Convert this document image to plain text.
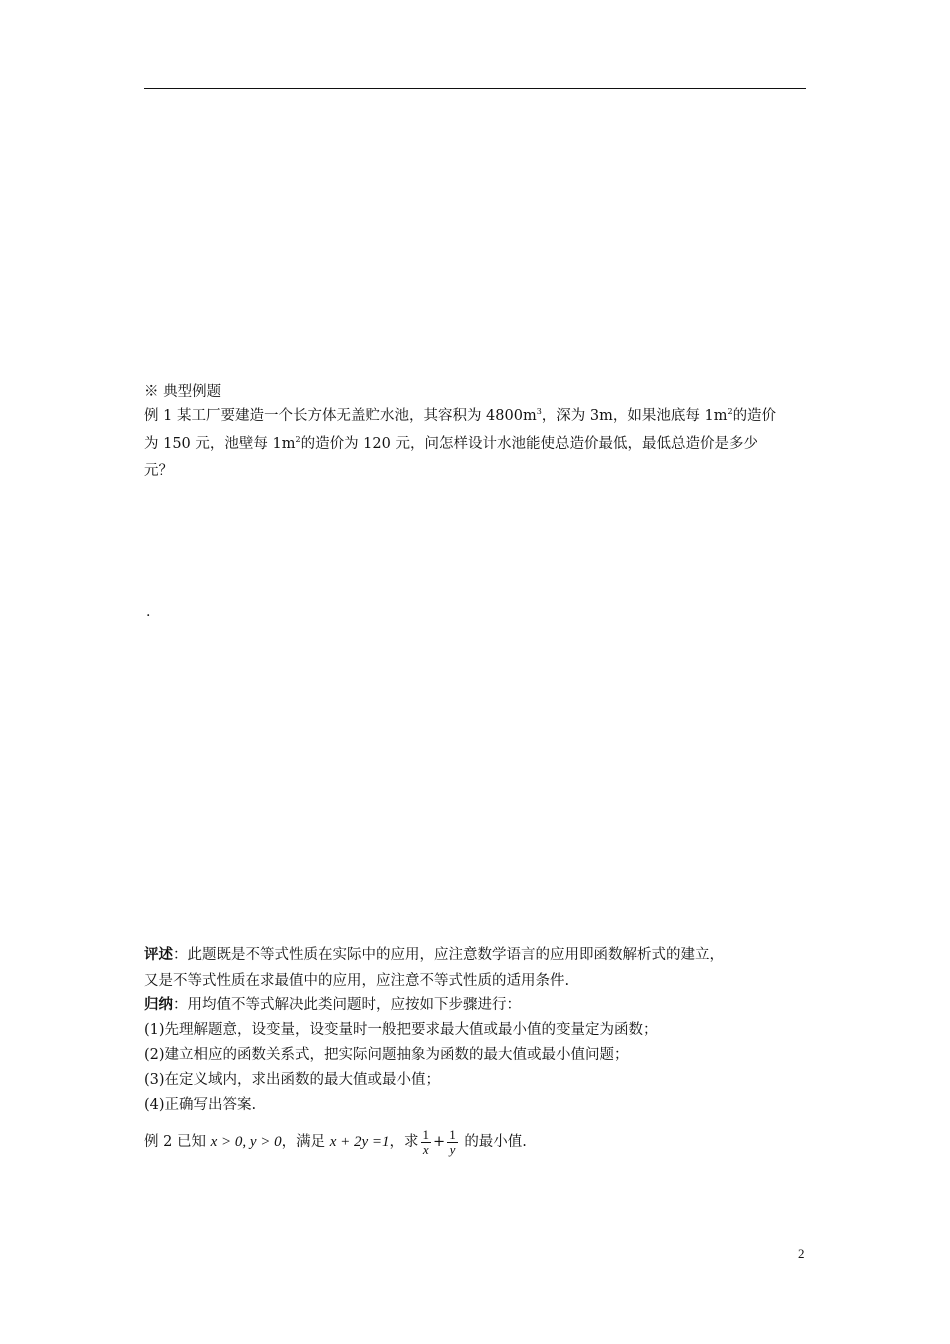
※ 典型例题
例 1 某工厂要建造一个长方体无盖贮水池，其容积为 $4800m^3$，深为 3m，如果池底每 $1m^2$的造价
为 150 元，池壁每 $1m^2$的造价为 120 元，问怎样设计水池能使总造价最低，最低总造价是多少
元？
.
评述：此题既是不等式性质在实际中的应用，应注意数学语言的应用即函数解析式的建立，
又是不等式性质在求最值中的应用，应注意不等式性质的适用条件.
归纳：用均值不等式解决此类问题时，应按如下步骤进行：
(1)先理解题意，设变量，设变量时一般把要求最大值或最小值的变量定为函数；
(2)建立相应的函数关系式，把实际问题抽象为函数的最大值或最小值问题；
(3)在定义域内，求出函数的最大值或最小值；
(4)正确写出答案.
例 2 已知 x > 0, y > 0，满足 x + 2y =1，求 $\frac{1}{x} + \frac{1}{y}$ 的最小值.
2
